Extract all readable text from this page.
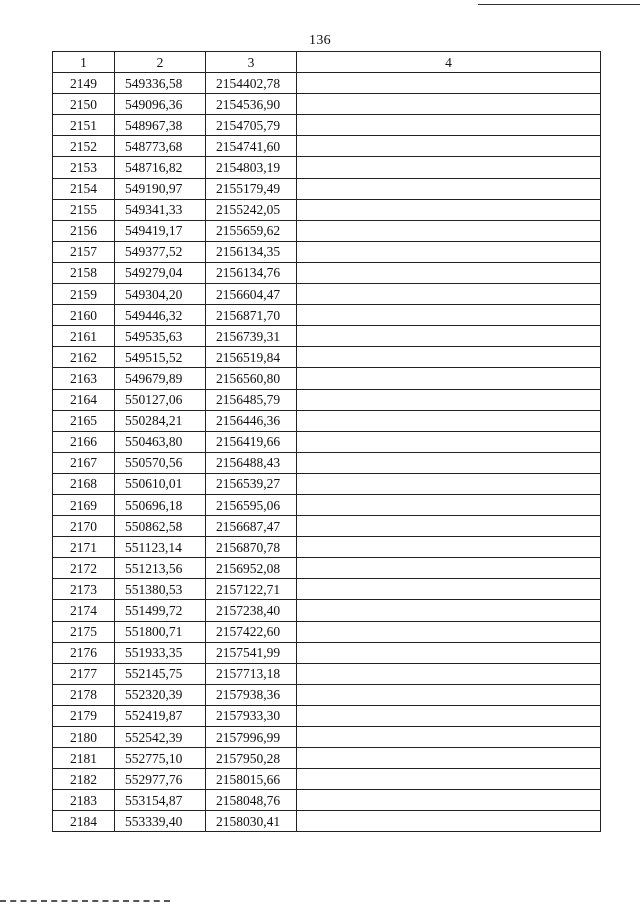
136
1	2	3	4
2149	549336,58	2154402,78	
2150	549096,36	2154536,90	
2151	548967,38	2154705,79	
2152	548773,68	2154741,60	
2153	548716,82	2154803,19	
2154	549190,97	2155179,49	
2155	549341,33	2155242,05	
2156	549419,17	2155659,62	
2157	549377,52	2156134,35	
2158	549279,04	2156134,76	
2159	549304,20	2156604,47	
2160	549446,32	2156871,70	
2161	549535,63	2156739,31	
2162	549515,52	2156519,84	
2163	549679,89	2156560,80	
2164	550127,06	2156485,79	
2165	550284,21	2156446,36	
2166	550463,80	2156419,66	
2167	550570,56	2156488,43	
2168	550610,01	2156539,27	
2169	550696,18	2156595,06	
2170	550862,58	2156687,47	
2171	551123,14	2156870,78	
2172	551213,56	2156952,08	
2173	551380,53	2157122,71	
2174	551499,72	2157238,40	
2175	551800,71	2157422,60	
2176	551933,35	2157541,99	
2177	552145,75	2157713,18	
2178	552320,39	2157938,36	
2179	552419,87	2157933,30	
2180	552542,39	2157996,99	
2181	552775,10	2157950,28	
2182	552977,76	2158015,66	
2183	553154,87	2158048,76	
2184	553339,40	2158030,41	
